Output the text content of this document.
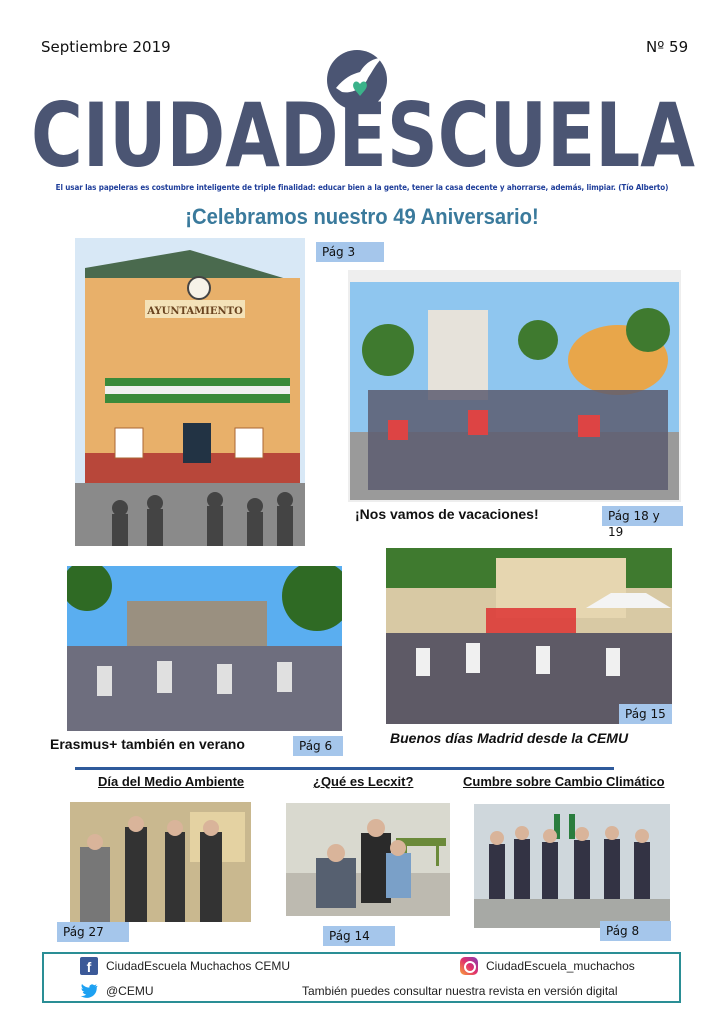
Septiembre 2019	Nº 59
CIUDADESCUELA
El usar las papeleras es costumbre inteligente de triple finalidad: educar bien a la gente, tener la casa decente y ahorrarse, además, limpiar. (Tío Alberto)
¡Celebramos nuestro 49 Aniversario!
AYUNTAMIENTO
Pág 3
¡Nos vamos de vacaciones!	Pág 18 y 19
Erasmus+ también en verano	Pág 6
Pág 15
Buenos días Madrid desde la CEMU
Día del Medio Ambiente	¿Qué es Lecxit?	Cumbre sobre Cambio Climático
Pág 27	Pág 14	Pág 8
f	CiudadEscuela Muchachos CEMU	CiudadEscuela_muchachos
@CEMU	También puedes consultar nuestra revista en versión digital
